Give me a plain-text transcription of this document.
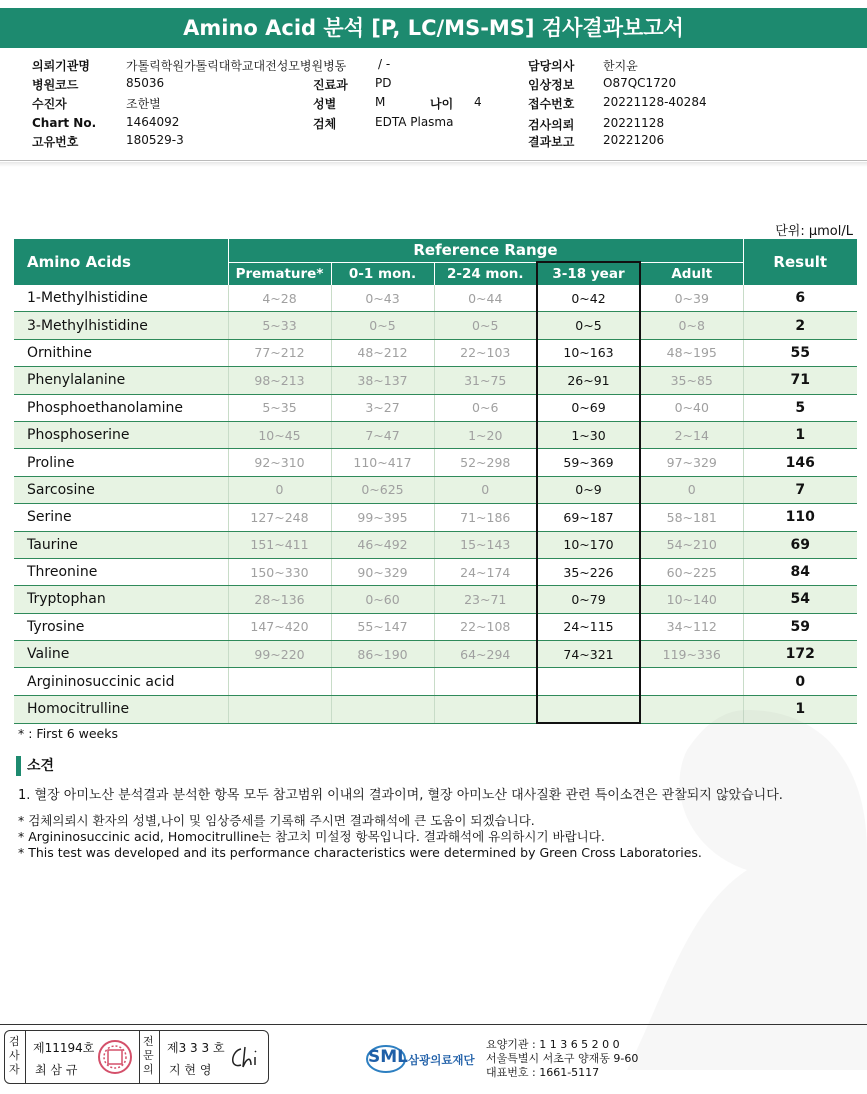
Amino Acid 분석 [P, LC/MS-MS] 검사결과보고서
의뢰기관명	가톨릭학원가톨릭대학교대전성모병원병동	/ -	담당의사 한지윤
병원코드	85036	진료과 PD	임상정보 O87QC1720
수진자	조한별	성별	M	나이 4	접수번호 20221128-40284
Chart No. 1464092	검체	EDTA Plasma	검사의뢰 20221128
고유번호	180529-3	결과보고 20221206
단위: μmol/L
Amino Acids	Reference Range					Result
	Premature*	0-1 mon.	2-24 mon.	3-18 year	Adult	
1-Methylhistidine	4~28	0~43	0~44	0~42	0~39	6
3-Methylhistidine	5~33	0~5	0~5	0~5	0~8	2
Ornithine	77~212	48~212	22~103	10~163	48~195	55
Phenylalanine	98~213	38~137	31~75	26~91	35~85	71
Phosphoethanolamine	5~35	3~27	0~6	0~69	0~40	5
Phosphoserine	10~45	7~47	1~20	1~30	2~14	1
Proline	92~310	110~417	52~298	59~369	97~329	146
Sarcosine	0	0~625	0	0~9	0	7
Serine	127~248	99~395	71~186	69~187	58~181	110
Taurine	151~411	46~492	15~143	10~170	54~210	69
Threonine	150~330	90~329	24~174	35~226	60~225	84
Tryptophan	28~136	0~60	23~71	0~79	10~140	54
Tyrosine	147~420	55~147	22~108	24~115	34~112	59
Valine	99~220	86~190	64~294	74~321	119~336	172
Argininosuccinic acid						0
Homocitrulline						1
* : First 6 weeks
소견
1. 혈장 아미노산 분석결과 분석한 항목 모두 참고범위 이내의 결과이며, 혈장 아미노산 대사질환 관련 특이소견은 관찰되지 않았습니다.
* 검체의뢰시 환자의 성별,나이 및 임상증세를 기록해 주시면 결과해석에 큰 도움이 되겠습니다.
* Argininosuccinic acid, Homocitrulline는 참고치 미설정 항목입니다. 결과해석에 유의하시기 바랍니다.
* This test was developed and its performance characteristics were determined by Green Cross Laboratories.
검
사
자
제11194호
최 삼 규
전
문
의
제3 3 3 호
지 현 영
SML 삼광의료재단
요양기관 : 1 1 3 6 5 2 0 0
서울특별시 서초구 양재동 9-60
대표번호 : 1661-5117
